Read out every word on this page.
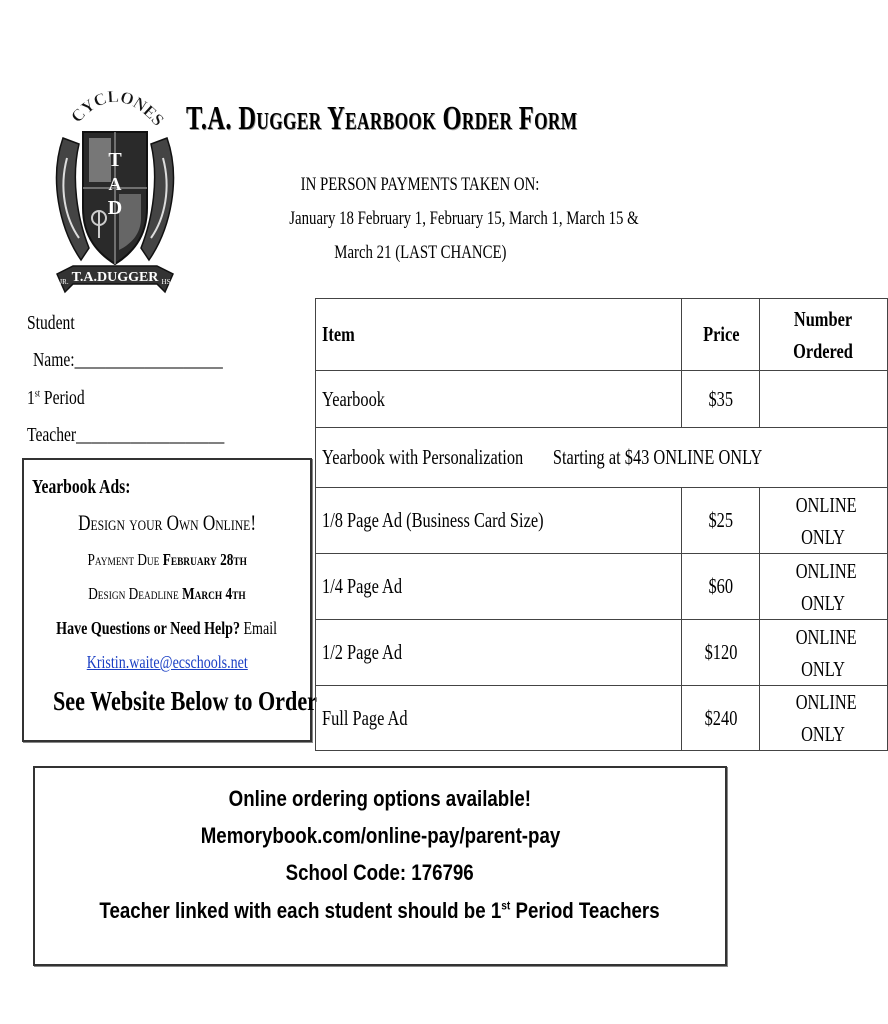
CYCLONES
T
A
D
T.A.DUGGER
JR.	HS
T.A. Dugger Yearbook Order Form
IN PERSON PAYMENTS TAKEN ON:
January 18 February 1, February 15, March 1, March 15 &
March 21 (LAST CHANCE)
Student
Name:___________________
1st Period
Teacher___________________
Yearbook Ads:
Design your Own Online!
Payment Due February 28th
Design Deadline March 4th
Have Questions or Need Help? Email
Kristin.waite@ecschools.net
See Website Below to Order
Item	Price	Number Ordered
Yearbook	$35	
Yearbook with Personalization Starting at $43 ONLINE ONLY		
1/8 Page Ad (Business Card Size)	$25	ONLINE ONLY
1/4 Page Ad	$60	ONLINE ONLY
1/2 Page Ad	$120	ONLINE ONLY
Full Page Ad	$240	ONLINE ONLY
Online ordering options available!
Memorybook.com/online-pay/parent-pay
School Code: 176796
Teacher linked with each student should be 1st Period Teachers
